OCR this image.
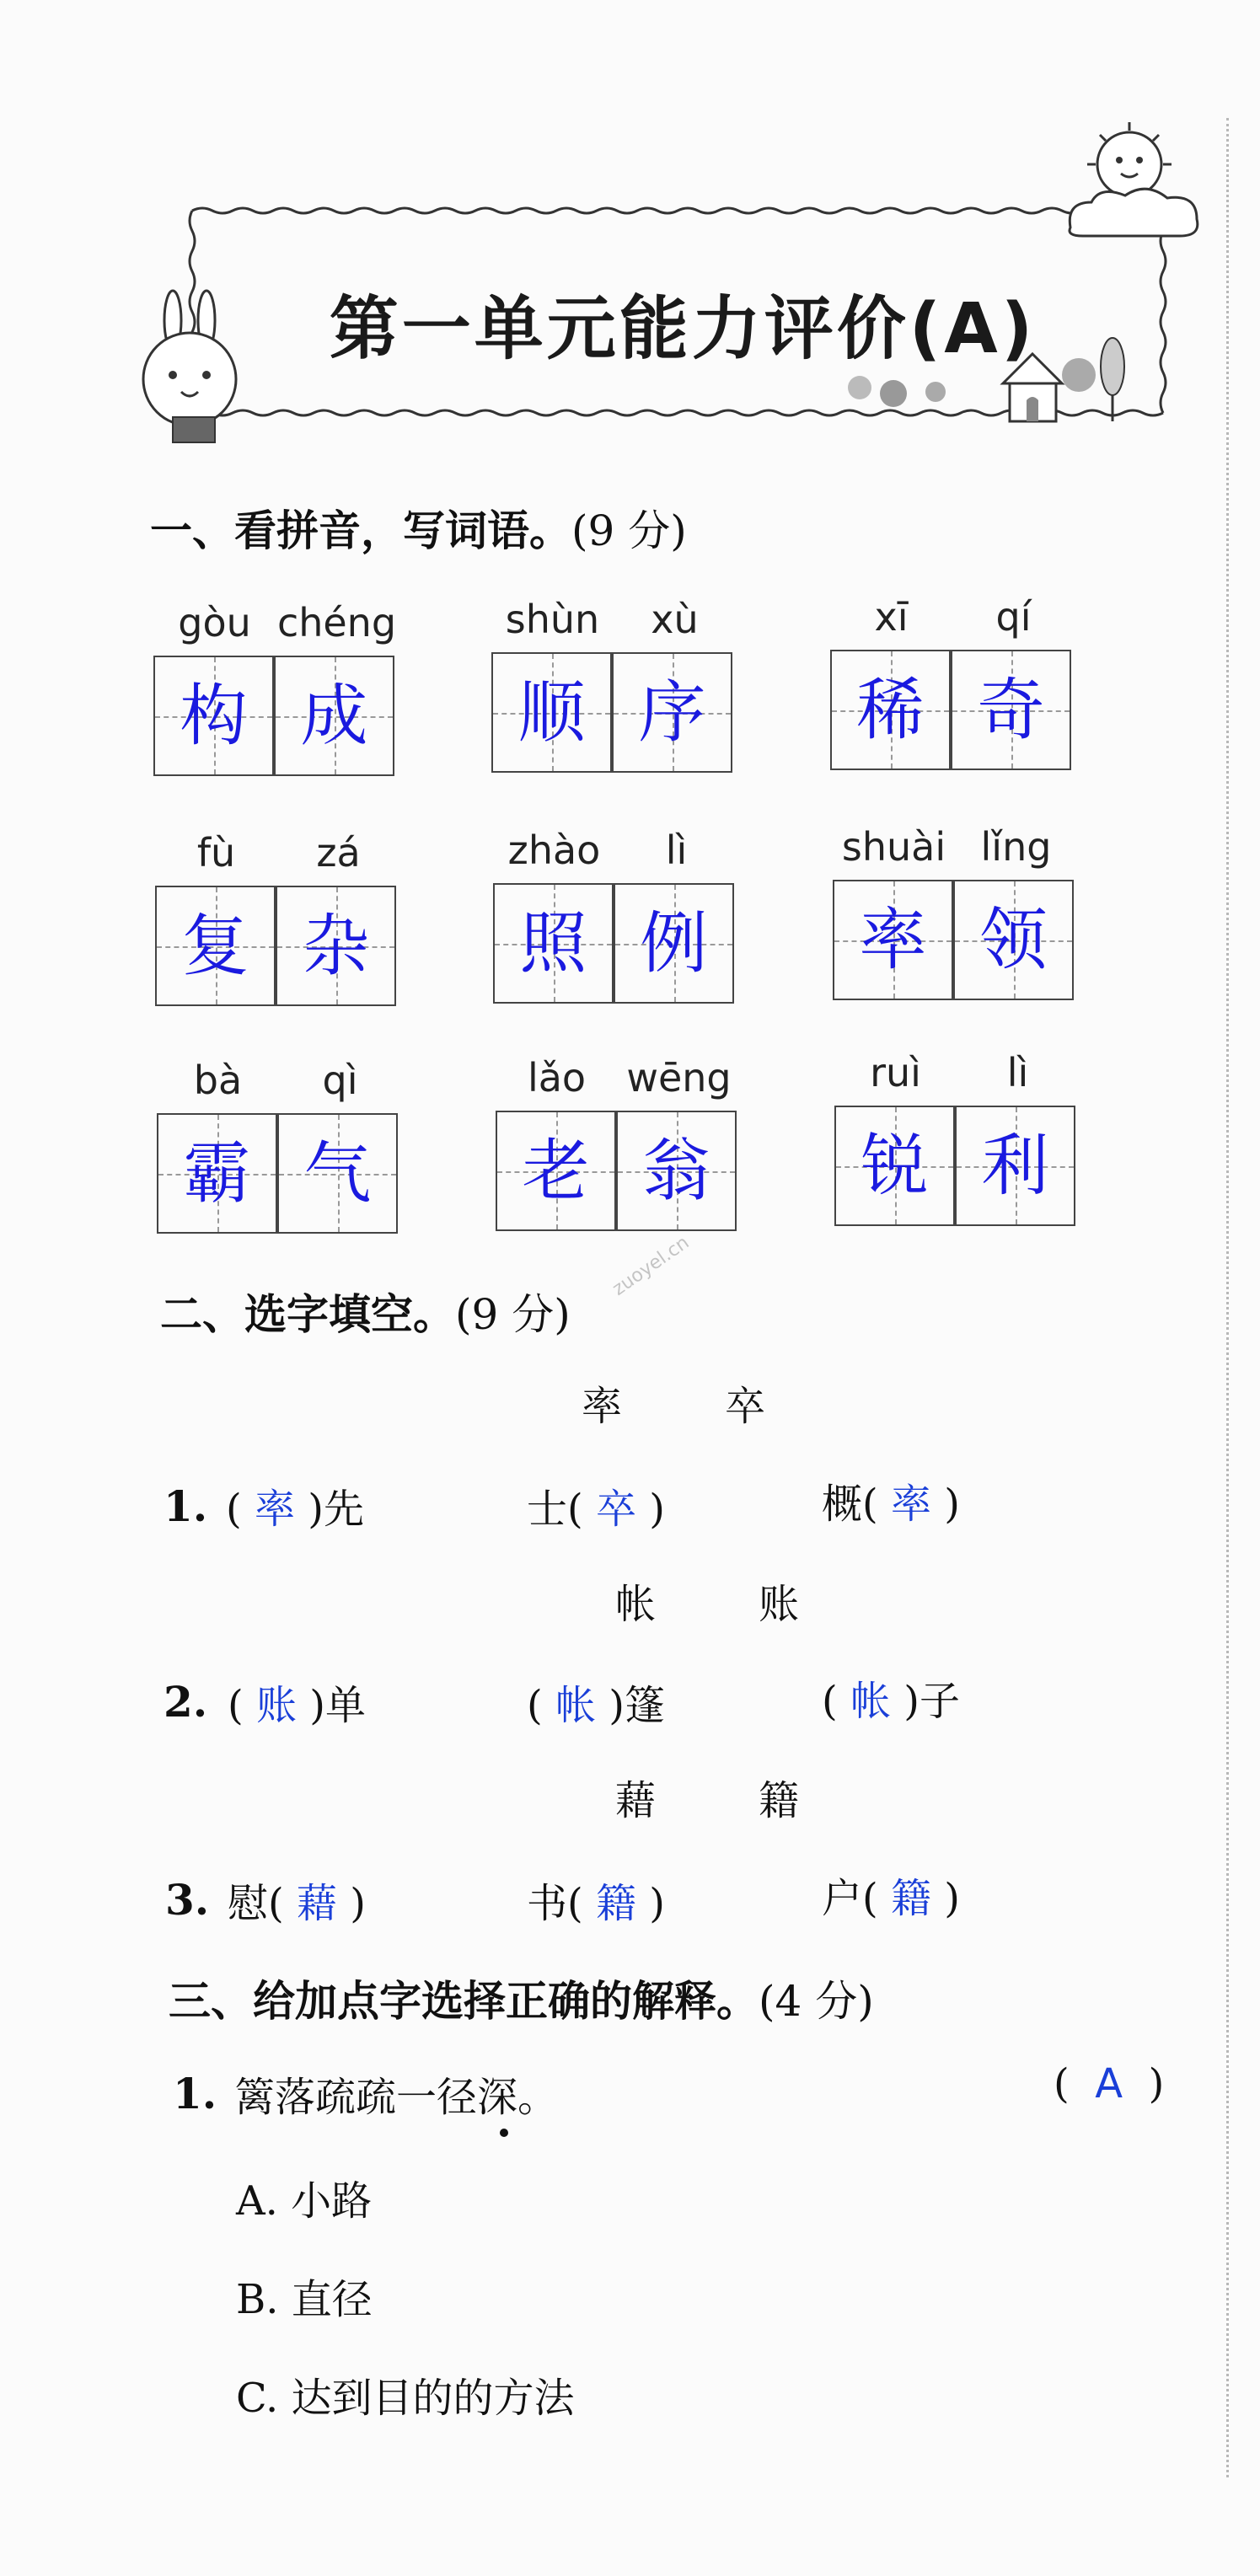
第一单元能力评价(A)
一、看拼音，写词语。(9 分)
gòu chéng
构 成
shùn	xù
顺 序
xī	qí
稀 奇
fù	zá
复 杂
zhào	lì
照 例
shuài lǐng
率 领
bà	qì
霸 气
lǎo	wēng
老 翁
ruì	lì
锐 利
zuoyel.cn
二、选字填空。(9 分)
率	卒
1. ( 率 )先	士( 卒 )	概( 率 )
帐	账
2. ( 账 )单	( 帐 )篷	( 帐 )子
藉	籍
3. 慰( 藉 )	书( 籍 )	户( 籍 )
三、给加点字选择正确的解释。(4 分)
1. 篱落疏疏一径深。	( A )
A. 小路
B. 直径
C. 达到目的的方法
